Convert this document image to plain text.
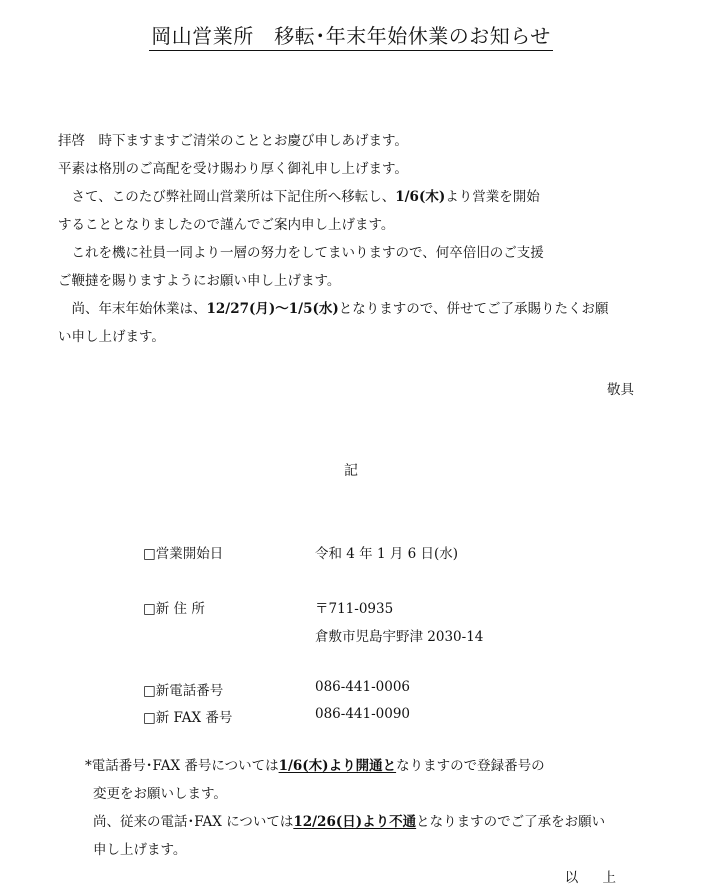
岡山営業所　移転･年末年始休業のお知らせ
拝啓　時下ますますご清栄のこととお慶び申しあげます。
平素は格別のご高配を受け賜わり厚く御礼申し上げます。
　さて、このたび弊社岡山営業所は下記住所へ移転し、1/6(木)より営業を開始
することとなりましたので謹んでご案内申し上げます。
　これを機に社員一同より一層の努力をしてまいりますので、何卒倍旧のご支援
ご鞭撻を賜りますようにお願い申し上げます。
　尚、年末年始休業は、12/27(月)～1/5(水)となりますので、併せてご了承賜りたくお願
い申し上げます。
敬具
記
□営業開始日	令和 4 年 1 月 6 日(水)
□新 住 所	〒711-0935
倉敷市児島宇野津 2030-14
□新電話番号	086-441-0006
□新 FAX 番号	086-441-0090
*電話番号･FAX 番号については1/6(木)より開通となりますので登録番号の
変更をお願いします。
尚、従来の電話･FAX については12/26(日)より不通となりますのでご了承をお願い
申し上げます。
以 上
